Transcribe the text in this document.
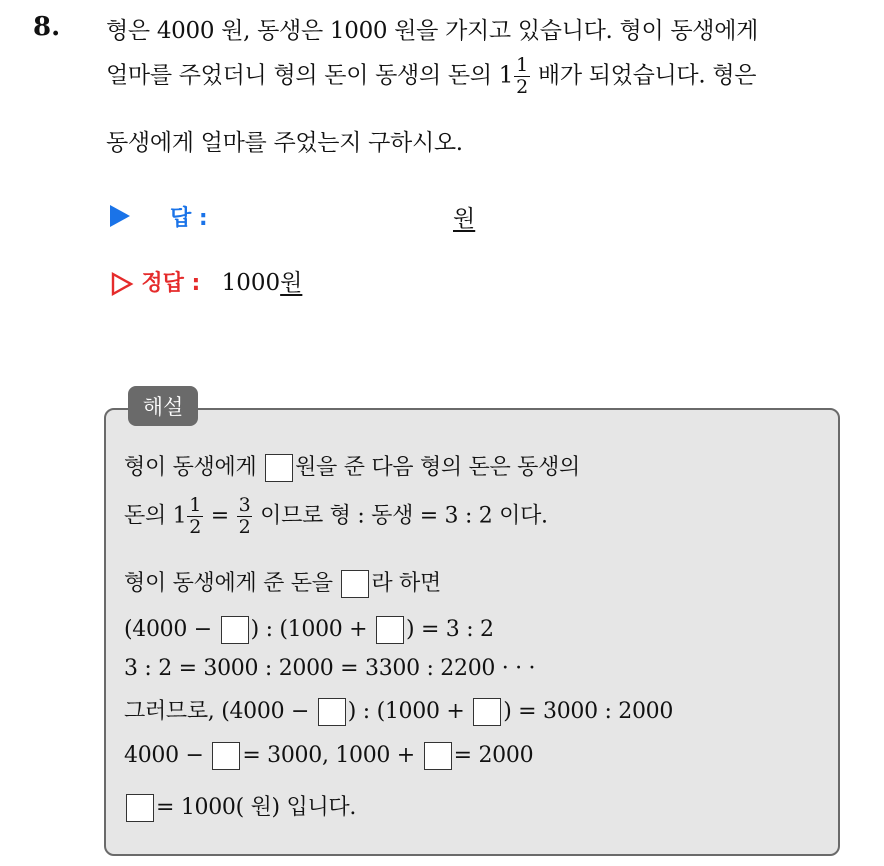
8. 형은 4000 원, 동생은 1000 원을 가지고 있습니다. 형이 동생에게
얼마를 주었더니 형의 돈이 동생의 돈의 $1 \frac{1}{2}$ 배가 되었습니다. 형은
동생에게 얼마를 주었는지 구하시오.
답 :	원
정답 : 1000원
해설
형이 동생에게 원을 준 다음 형의 돈은 동생의
돈의 $1 \frac{1}{2} = \frac{3}{2}$ 이므로 형 : 동생 = 3 : 2 이다.
형이 동생에게 준 돈을 라 하면
(4000 − ) : (1000 + ) = 3 : 2
3 : 2 = 3000 : 2000 = 3300 : 2200 · · ·
그러므로, (4000 − ) : (1000 + ) = 3000 : 2000
4000 − = 3000, 1000 + = 2000
= 1000( 원) 입니다.
